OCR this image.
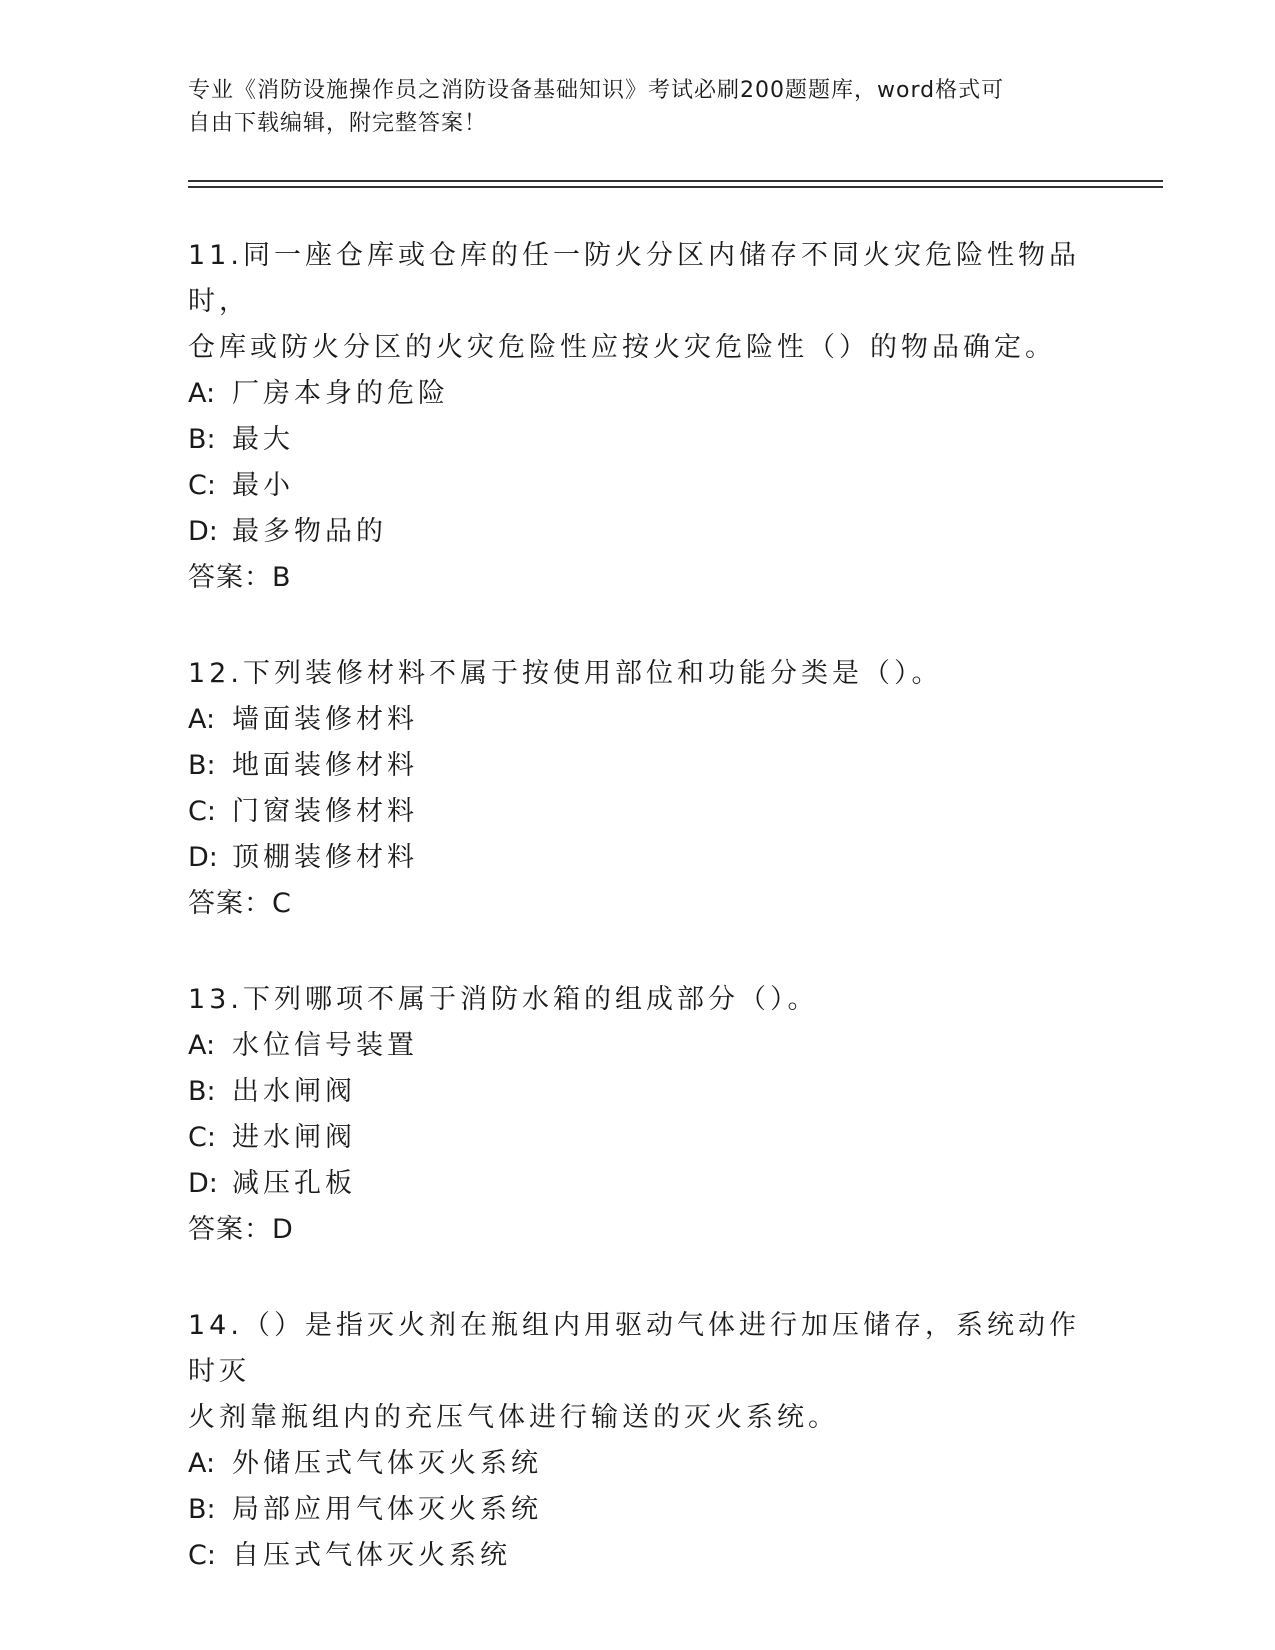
专业《消防设施操作员之消防设备基础知识》考试必刷200题题库，word格式可
自由下载编辑，附完整答案！

11.同一座仓库或仓库的任一防火分区内储存不同火灾危险性物品时，
仓库或防火分区的火灾危险性应按火灾危险性（）的物品确定。

A: 厂房本身的危险

B: 最大

C: 最小

D: 最多物品的

答案：B

12.下列装修材料不属于按使用部位和功能分类是（）。

A: 墙面装修材料

B: 地面装修材料

C: 门窗装修材料

D: 顶棚装修材料

答案：C

13.下列哪项不属于消防水箱的组成部分（）。

A: 水位信号装置

B: 出水闸阀

C: 进水闸阀

D: 减压孔板

答案：D

14.（）是指灭火剂在瓶组内用驱动气体进行加压储存，系统动作时灭
火剂靠瓶组内的充压气体进行输送的灭火系统。

A: 外储压式气体灭火系统

B: 局部应用气体灭火系统

C: 自压式气体灭火系统
